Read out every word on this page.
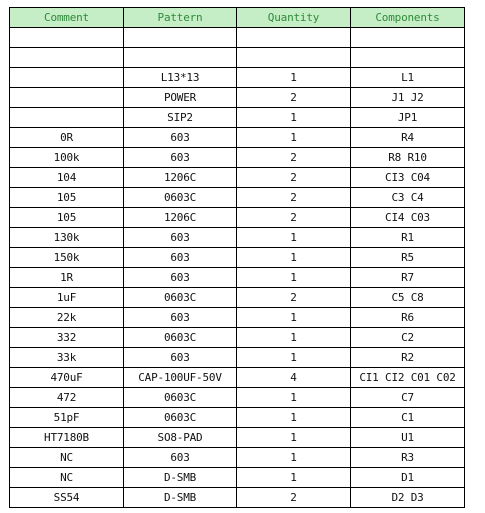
Comment	Pattern	Quantity	Components

	L13*13	1	L1
	POWER	2	J1 J2
	SIP2	1	JP1
0R	603	1	R4
100k	603	2	R8 R10
104	1206C	2	CI3 C04
105	0603C	2	C3 C4
105	1206C	2	CI4 C03
130k	603	1	R1
150k	603	1	R5
1R	603	1	R7
1uF	0603C	2	C5 C8
22k	603	1	R6
332	0603C	1	C2
33k	603	1	R2
470uF	CAP-100UF-50V	4	CI1 CI2 C01 C02
472	0603C	1	C7
51pF	0603C	1	C1
HT7180B	SO8-PAD	1	U1
NC	603	1	R3
NC	D-SMB	1	D1
SS54	D-SMB	2	D2 D3
